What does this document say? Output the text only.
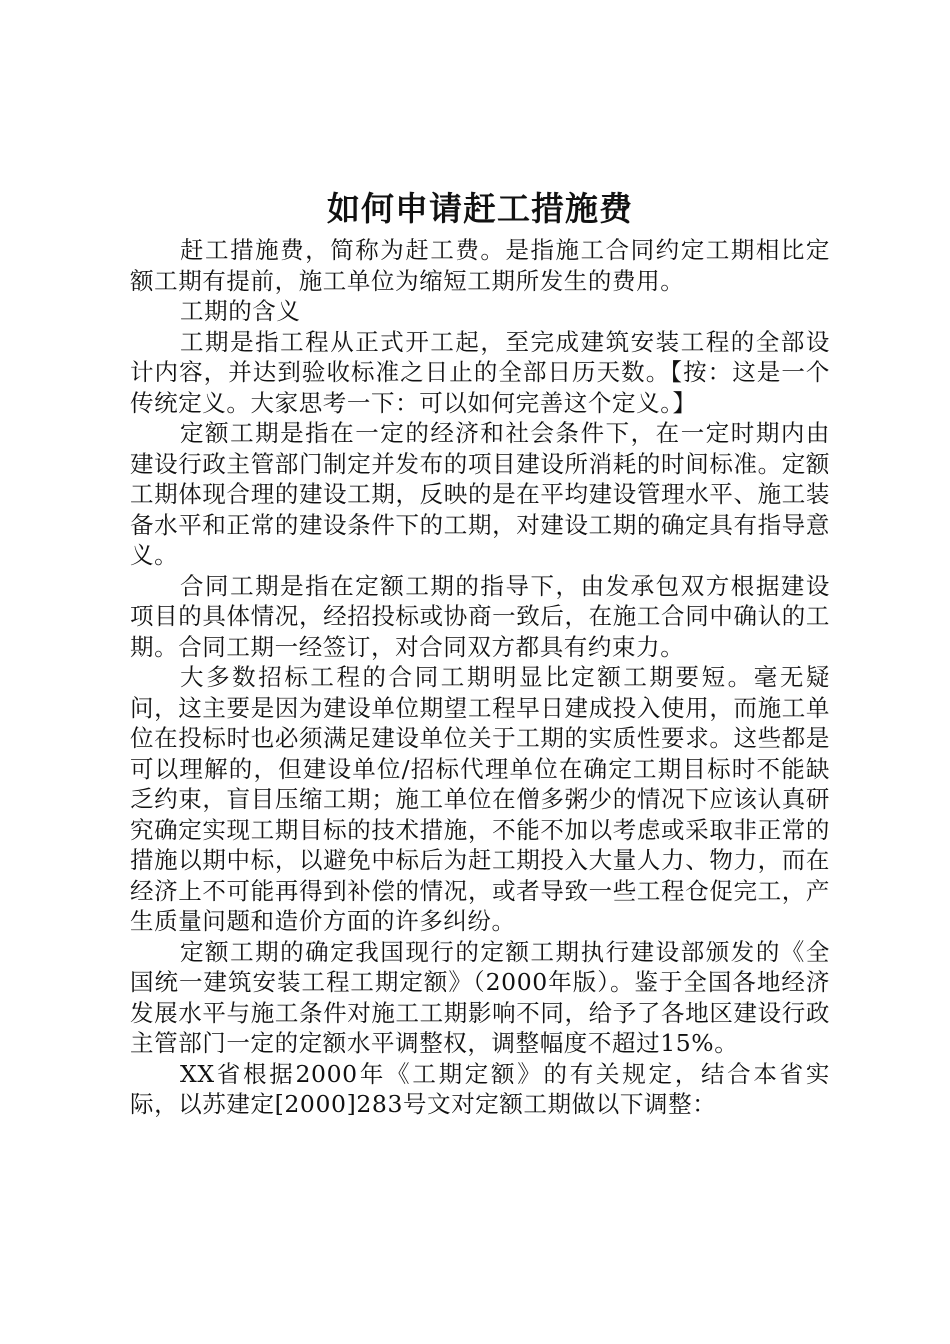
如何申请赶工措施费

赶工措施费，简称为赶工费。是指施工合同约定工期相比定额工期有提前，施工单位为缩短工期所发生的费用。

工期的含义

工期是指工程从正式开工起，至完成建筑安装工程的全部设计内容，并达到验收标准之日止的全部日历天数。【按：这是一个传统定义。大家思考一下：可以如何完善这个定义。】

定额工期是指在一定的经济和社会条件下，在一定时期内由建设行政主管部门制定并发布的项目建设所消耗的时间标准。定额工期体现合理的建设工期，反映的是在平均建设管理水平、施工装备水平和正常的建设条件下的工期，对建设工期的确定具有指导意义。

合同工期是指在定额工期的指导下，由发承包双方根据建设项目的具体情况，经招投标或协商一致后，在施工合同中确认的工期。合同工期一经签订，对合同双方都具有约束力。

大多数招标工程的合同工期明显比定额工期要短。毫无疑问，这主要是因为建设单位期望工程早日建成投入使用，而施工单位在投标时也必须满足建设单位关于工期的实质性要求。这些都是可以理解的，但建设单位/招标代理单位在确定工期目标时不能缺乏约束，盲目压缩工期；施工单位在僧多粥少的情况下应该认真研究确定实现工期目标的技术措施，不能不加以考虑或采取非正常的措施以期中标，以避免中标后为赶工期投入大量人力、物力，而在经济上不可能再得到补偿的情况，或者导致一些工程仓促完工，产生质量问题和造价方面的许多纠纷。

定额工期的确定我国现行的定额工期执行建设部颁发的《全国统一建筑安装工程工期定额》（2000年版）。鉴于全国各地经济发展水平与施工条件对施工工期影响不同，给予了各地区建设行政主管部门一定的定额水平调整权，调整幅度不超过15%。

XX省根据2000年《工期定额》的有关规定，结合本省实际，以苏建定[2000]283号文对定额工期做以下调整：
